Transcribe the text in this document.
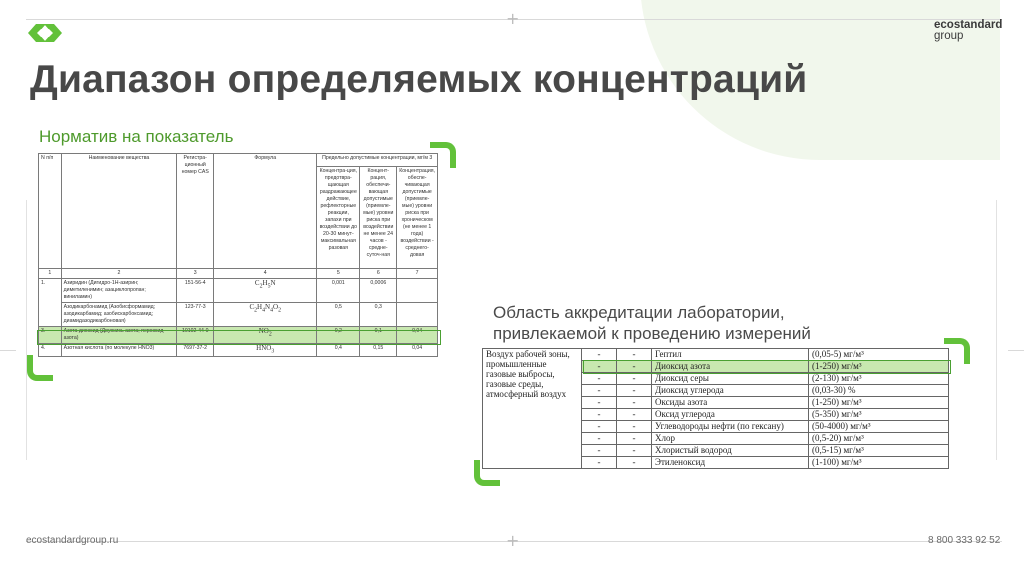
+
+
ecostandard
group
Диапазон определяемых концентраций
Норматив на показатель
N п/п	Наименование вещества	Регистра-ционный номер CAS	Формула	Предельно допустимые концентрации, мг/м 3		
				Концентра-ция, предотвра-щающая раздражающее действие, рефлекторные реакции, запахи при воздействии до 20-30 минут-максимальная разовая	Концент-рация, обеспечи-вающая допустимые (приемле-мые) уровни риска при воздействии не менее 24 часов - средне-суточ-ная	Концентрация, обеспе-чивающая допустимые (приемле-мые) уровни риска при хроническом (не менее 1 года) воздействии - среднего-довая
1	2	3	4	5	6	7
1.	Азиридин (Дигидро-1H-азирин; диметиленимин; азациклопропан; виниламин)	151-56-4	$C_2H_5N$	0,001	0,0006	
	Азодикарбонамид (Азобисформамид; азодикарбамид; азобискарбоксамид; диамидазодикарбоновая)	123-77-3	$C_2H_4N_4O_2$	0,5	0,3	
3.	Азота диоксид (Двуокись азота; пероксид азота)	10102-44-0	$NO_2$	0,2	0,1	0,04
4.	Азотная кислота (по молекуле HNO3)	7697-37-2	$HNO_3$	0,4	0,15	0,04
Область аккредитации лаборатории,
привлекаемой к проведению измерений
Воздух рабочей зоны, промышленные газовые выбросы, газовые среды, атмосферный воздух	-	-	Гептил	(0,05-5) мг/м³
	-	-	Диоксид азота	(1-250) мг/м³
	-	-	Диоксид серы	(2-130) мг/м³
	-	-	Диоксид углерода	(0,03-30) %
	-	-	Оксиды азота	(1-250) мг/м³
	-	-	Оксид углерода	(5-350) мг/м³
	-	-	Углеводороды нефти (по гексану)	(50-4000) мг/м³
	-	-	Хлор	(0,5-20) мг/м³
	-	-	Хлористый водород	(0,5-15) мг/м³
	-	-	Этиленоксид	(1-100) мг/м³
ecostandardgroup.ru	8 800 333 92 52
